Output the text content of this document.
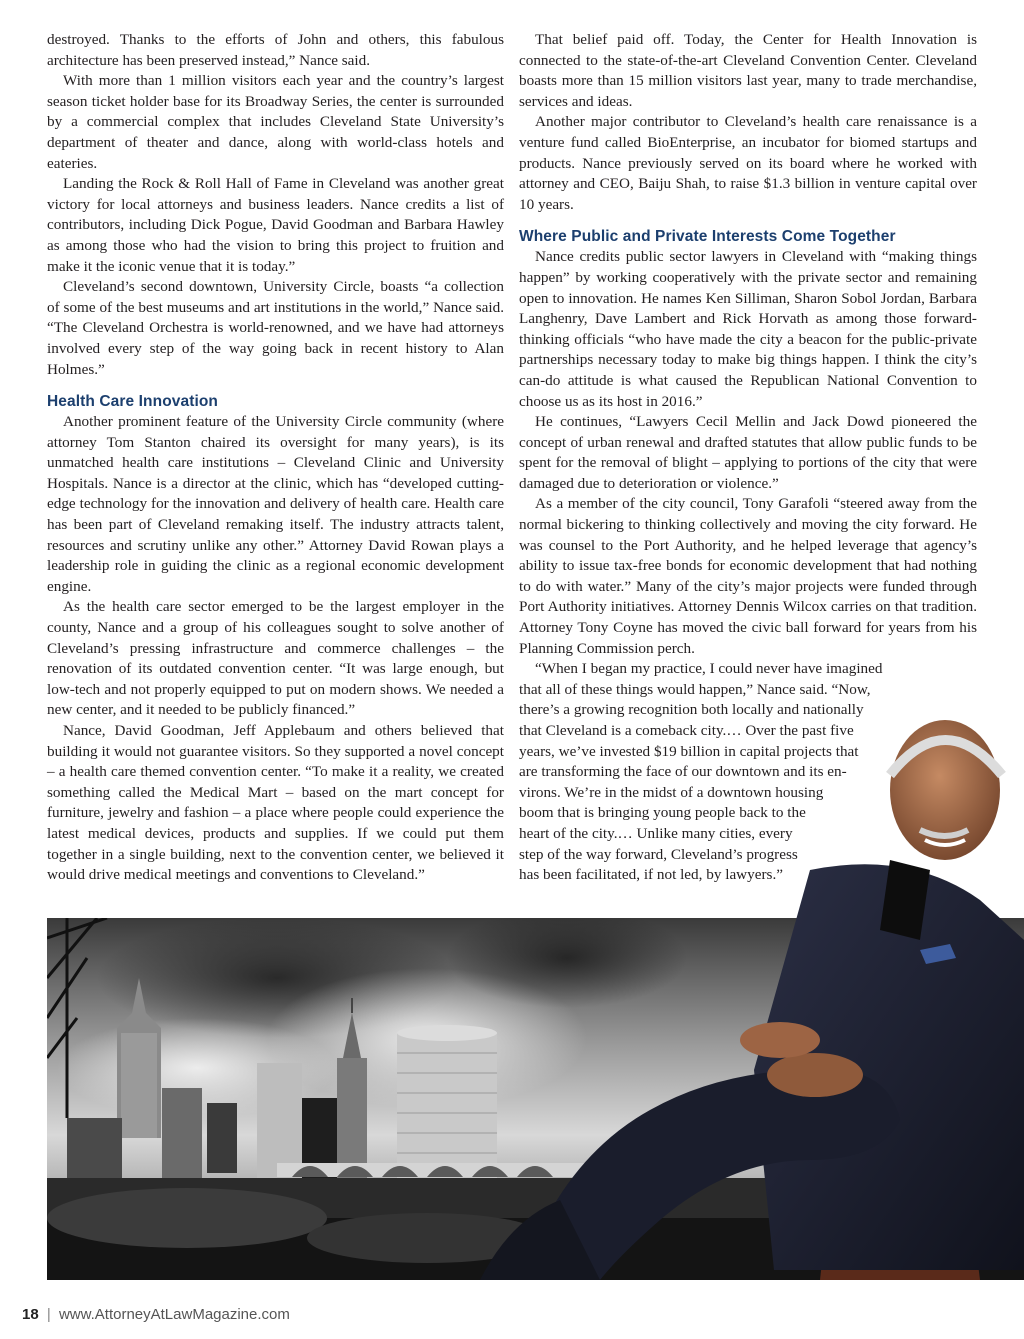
destroyed. Thanks to the efforts of John and others, this fabulous architecture has been preserved instead,” Nance said.

With more than 1 million visitors each year and the country’s largest season ticket holder base for its Broadway Series, the center is surrounded by a commercial complex that includes Cleveland State University’s department of theater and dance, along with world-class hotels and eateries.

Landing the Rock & Roll Hall of Fame in Cleveland was another great victory for local attorneys and business leaders. Nance credits a list of contributors, including Dick Pogue, David Goodman and Barbara Hawley as among those who had the vision to bring this project to fruition and make it the iconic venue that it is today.”

Cleveland’s second downtown, University Circle, boasts “a collection of some of the best museums and art institutions in the world,” Nance said. “The Cleveland Orchestra is world-renowned, and we have had attorneys involved every step of the way going back in recent history to Alan Holmes.”

Health Care Innovation

Another prominent feature of the University Circle community (where attorney Tom Stanton chaired its oversight for many years), is its unmatched health care institutions – Cleveland Clinic and University Hospitals. Nance is a director at the clinic, which has “developed cutting-edge technology for the innovation and delivery of health care. Health care has been part of Cleveland remaking itself. The industry attracts talent, resources and scrutiny unlike any other.” Attorney David Rowan plays a leadership role in guiding the clinic as a regional economic development engine.

As the health care sector emerged to be the largest employer in the county, Nance and a group of his colleagues sought to solve another of Cleveland’s pressing infrastructure and commerce challenges – the renovation of its outdated convention center. “It was large enough, but low-tech and not properly equipped to put on modern shows. We needed a new center, and it needed to be publicly financed.”

Nance, David Goodman, Jeff Applebaum and others believed that building it would not guarantee visitors. So they supported a novel concept – a health care themed convention center. “To make it a reality, we created something called the Medical Mart – based on the mart concept for furniture, jewelry and fashion – a place where people could experience the latest medical devices, products and supplies. If we could put them together in a single building, next to the convention center, we believed it would drive medical meetings and conventions to Cleveland.”

That belief paid off. Today, the Center for Health Innovation is connected to the state-of-the-art Cleveland Convention Center. Cleveland boasts more than 15 million visitors last year, many to trade merchandise, services and ideas.

Another major contributor to Cleveland’s health care renaissance is a venture fund called BioEnterprise, an incubator for biomed startups and products. Nance previously served on its board where he worked with attorney and CEO, Baiju Shah, to raise $1.3 billion in venture capital over 10 years.

Where Public and Private Interests Come Together

Nance credits public sector lawyers in Cleveland with “making things happen” by working cooperatively with the private sector and remaining open to innovation. He names Ken Silliman, Sharon Sobol Jordan, Barbara Langhenry, Dave Lambert and Rick Horvath as among those forward-thinking officials “who have made the city a beacon for the public-private partnerships necessary today to make big things happen. I think the city’s can-do attitude is what caused the Republican National Convention to choose us as its host in 2016.”

He continues, “Lawyers Cecil Mellin and Jack Dowd pioneered the concept of urban renewal and drafted statutes that allow public funds to be spent for the removal of blight – applying to portions of the city that were damaged due to deterioration or violence.”

As a member of the city council, Tony Garafoli “steered away from the normal bickering to thinking collectively and moving the city forward. He was counsel to the Port Authority, and he helped leverage that agency’s ability to issue tax-free bonds for economic development that had nothing to do with water.” Many of the city’s major projects were funded through Port Authority initiatives. Attorney Dennis Wilcox carries on that tradition. Attorney Tony Coyne has moved the civic ball forward for years from his Planning Commission perch.

“When I began my practice, I could never have imagined
that all of these things would happen,” Nance said. “Now,
there’s a growing recognition both locally and nationally
that Cleveland is a comeback city.… Over the past five
years, we’ve invested $19 billion in capital projects that
are transforming the face of our downtown and its en-
virons. We’re in the midst of a downtown housing
boom that is bringing young people back to the
heart of the city.… Unlike many cities, every
step of the way forward, Cleveland’s progress
has been facilitated, if not led, by lawyers.”
18 | www.AttorneyAtLawMagazine.com
